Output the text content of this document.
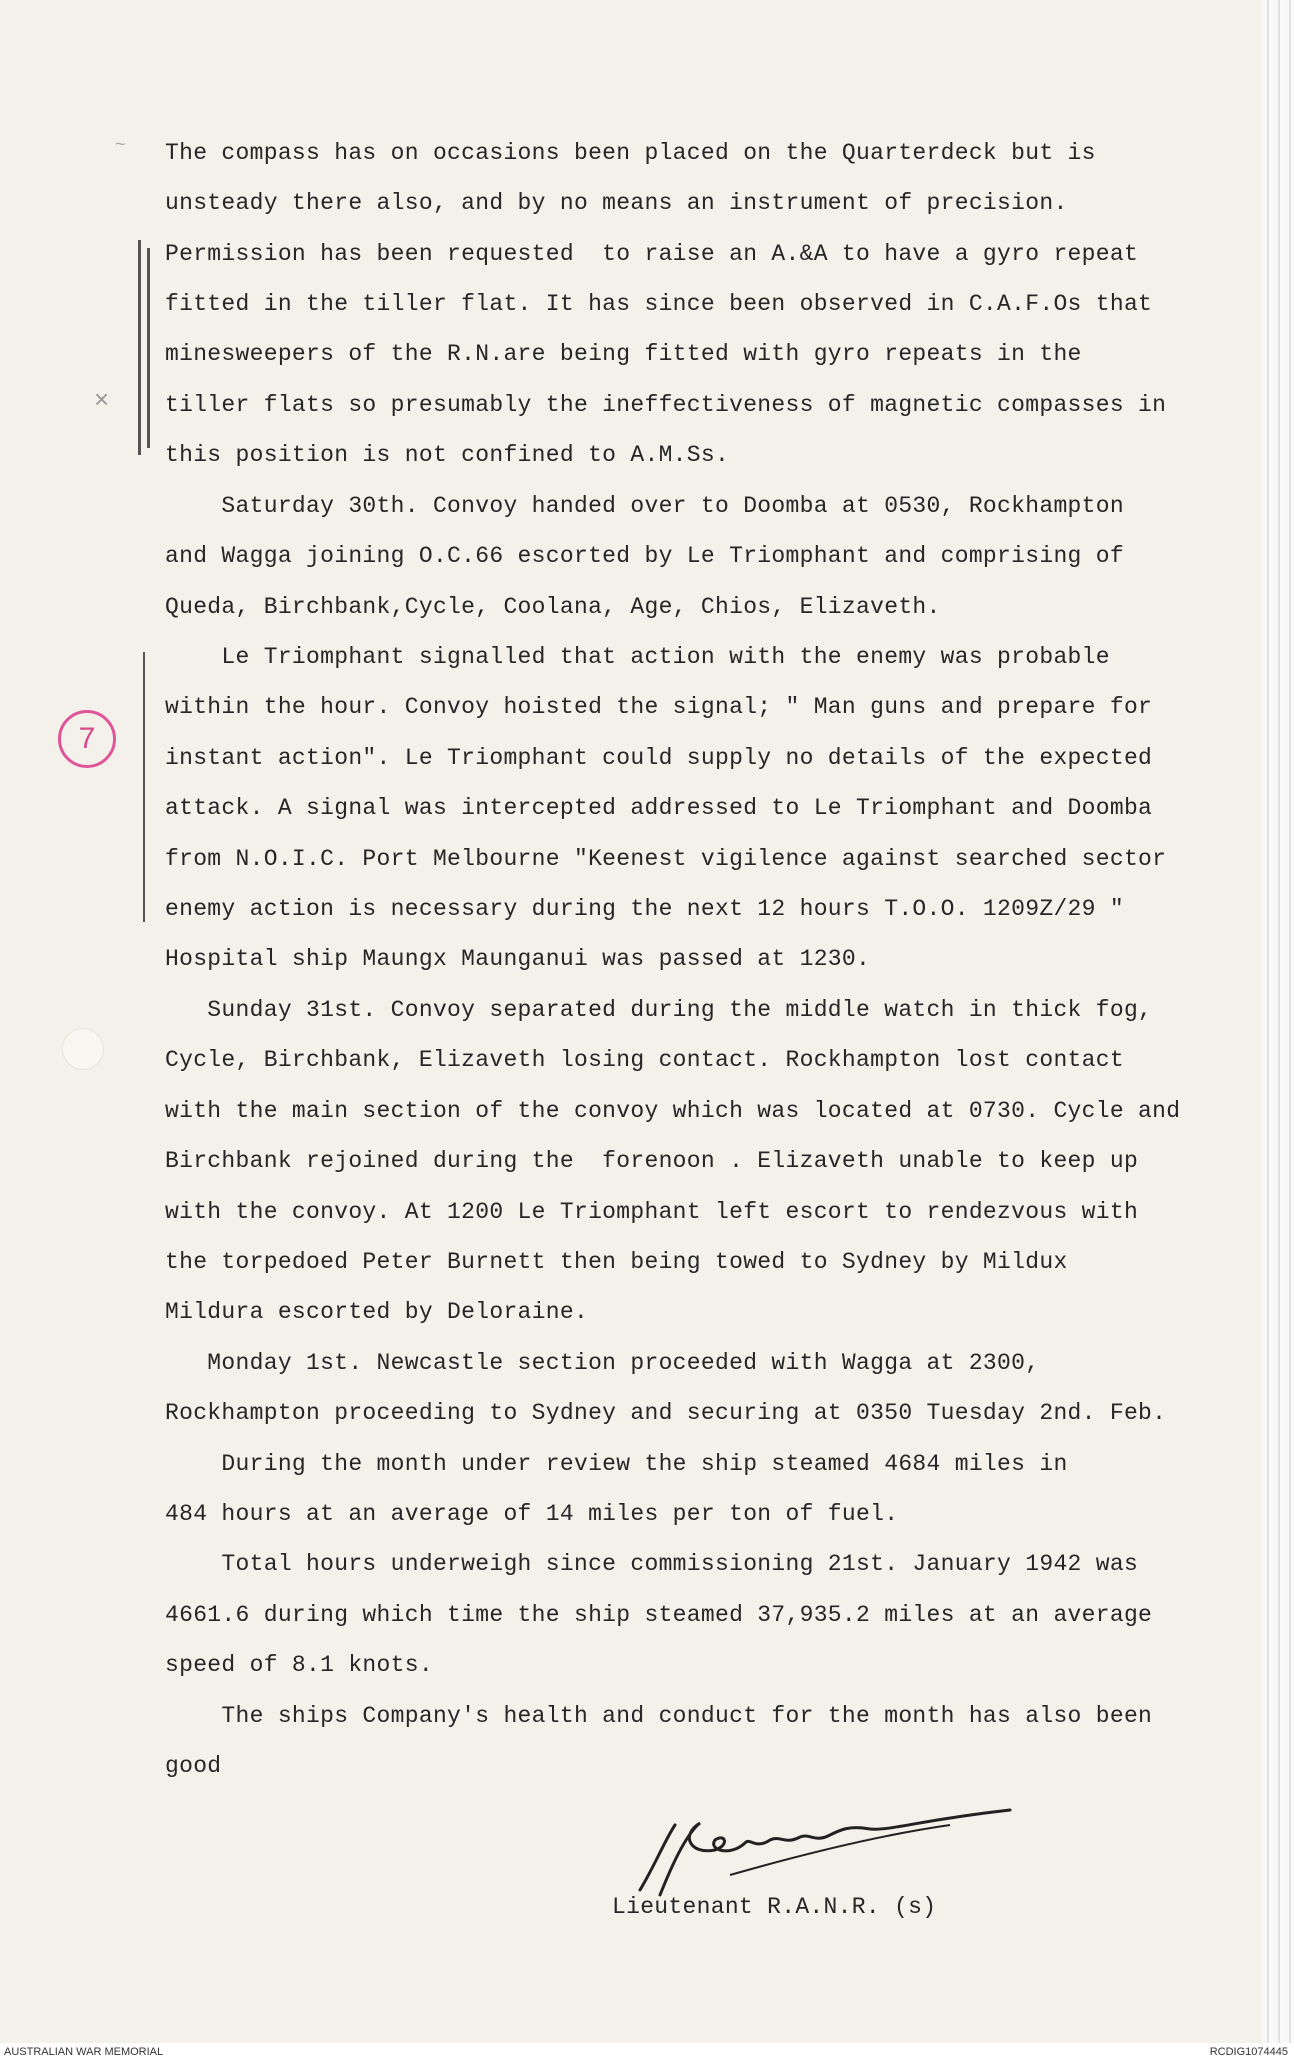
~
×
7
The compass has on occasions been placed on the Quarterdeck but is
unsteady there also, and by no means an instrument of precision.
Permission has been requested  to raise an A.&A to have a gyro repeat
fitted in the tiller flat. It has since been observed in C.A.F.Os that
minesweepers of the R.N.are being fitted with gyro repeats in the
tiller flats so presumably the ineffectiveness of magnetic compasses in
this position is not confined to A.M.Ss.
Saturday 30th. Convoy handed over to Doomba at 0530, Rockhampton
and Wagga joining O.C.66 escorted by Le Triomphant and comprising of
Queda, Birchbank,Cycle, Coolana, Age, Chios, Elizaveth.
Le Triomphant signalled that action with the enemy was probable
within the hour. Convoy hoisted the signal; " Man guns and prepare for
instant action". Le Triomphant could supply no details of the expected
attack. A signal was intercepted addressed to Le Triomphant and Doomba
from N.O.I.C. Port Melbourne "Keenest vigilence against searched sector
enemy action is necessary during the next 12 hours T.O.O. 1209Z/29 "
Hospital ship Maungx Maunganui was passed at 1230.
Sunday 31st. Convoy separated during the middle watch in thick fog,
Cycle, Birchbank, Elizaveth losing contact. Rockhampton lost contact
with the main section of the convoy which was located at 0730. Cycle and
Birchbank rejoined during the  forenoon . Elizaveth unable to keep up
with the convoy. At 1200 Le Triomphant left escort to rendezvous with
the torpedoed Peter Burnett then being towed to Sydney by Mildux
Mildura escorted by Deloraine.
Monday 1st. Newcastle section proceeded with Wagga at 2300,
Rockhampton proceeding to Sydney and securing at 0350 Tuesday 2nd. Feb.
During the month under review the ship steamed 4684 miles in
484 hours at an average of 14 miles per ton of fuel.
Total hours underweigh since commissioning 21st. January 1942 was
4661.6 during which time the ship steamed 37,935.2 miles at an average
speed of 8.1 knots.
The ships Company's health and conduct for the month has also been
good
Lieutenant R.A.N.R. (s)
AUSTRALIAN WAR MEMORIAL	RCDIG1074445
